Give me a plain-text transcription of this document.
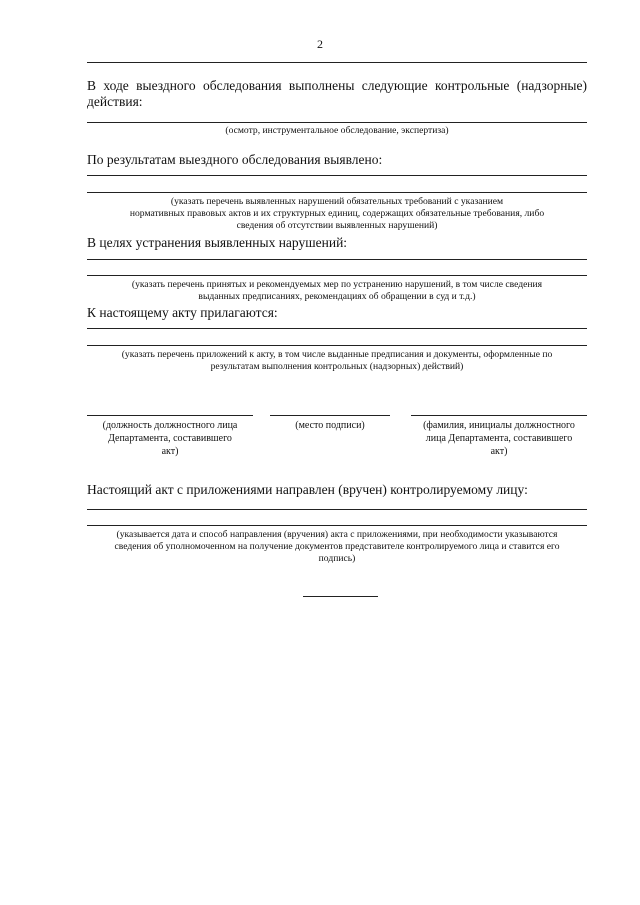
2
В ходе выездного обследования выполнены следующие контрольные (надзорные)
действия:
(осмотр, инструментальное обследование, экспертиза)
По результатам выездного обследования выявлено:
(указать перечень выявленных нарушений обязательных требований с указанием
нормативных правовых актов и их структурных единиц, содержащих обязательные требования, либо
сведения об отсутствии выявленных нарушений)
В целях устранения выявленных нарушений:
(указать перечень принятых и рекомендуемых мер по устранению нарушений, в том числе сведения
выданных предписаниях, рекомендациях об обращении в суд и т.д.)
К настоящему акту прилагаются:
(указать перечень приложений к акту, в том числе выданные предписания и документы, оформленные по
результатам выполнения контрольных (надзорных) действий)
(должность должностного лица
Департамента, составившего
акт)
(место подписи)	(фамилия, инициалы должностного
лица Департамента, составившего
акт)
Настоящий акт с приложениями направлен (вручен) контролируемому лицу:
(указывается дата и способ направления (вручения) акта с приложениями, при необходимости указываются
сведения об уполномоченном на получение документов представителе контролируемого лица и ставится его
подпись)
